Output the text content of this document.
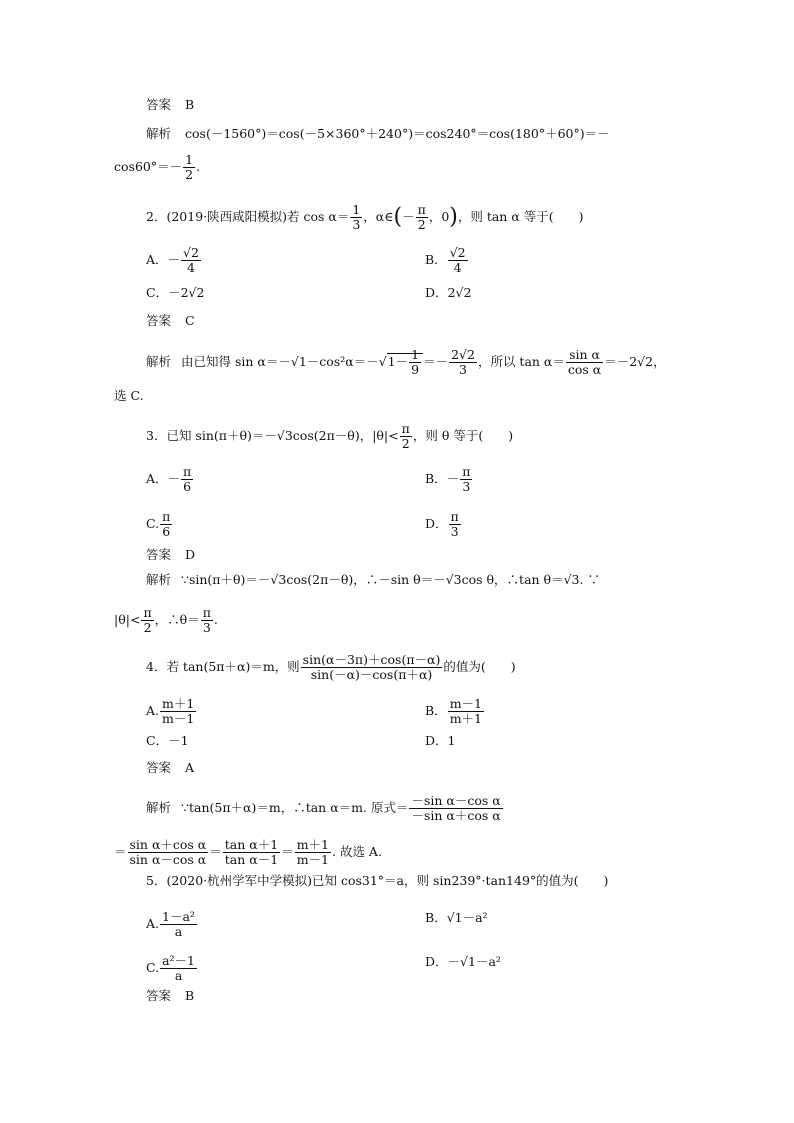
答案 B
解析 cos(－1560°)＝cos(－5×360°＋240°)＝cos240°＝cos(180°＋60°)＝－
$\cos 60^\circ=- \frac{1}{2}$ .
2．(2019·陕西咸阳模拟)若 $\cos \alpha= \frac{1}{3}$ ，α∈(－ $\frac{\pi}{2}$ ，0)，则 tan α 等于(　　)
A．－ $\frac{√2}{4}$	B． $\frac{√2}{4}$
C．－2√2	D．2√2
答案 C
解析 由已知得 $\sin \alpha=-√1-\cos^2\alpha=-√1- \frac{1}{9} =- \frac{2√2}{3}$ ，所以 $\tan \alpha= \frac{\text{sin α}}{\text{cos α}} =-2√2$，
选 C.
3．已知 sin(π＋θ)＝－√3cos(2π－θ)，$|\theta|< \frac{\pi}{2}$ ，则 θ 等于(　　)
A．－ $\frac{\pi}{6}$	B．－ $\frac{\pi}{3}$
C. $\frac{\pi}{6}$	D． $\frac{\pi}{3}$
答案 D
解析 ∵sin(π＋θ)＝－√3cos(2π－θ)，∴－sin θ＝－√3cos θ，∴tan θ＝√3. ∵
$|\theta|< \frac{\pi}{2}$ ，∴θ＝ $\frac{\pi}{3}$ .
4．若 tan(5π＋α)＝m，则 $\frac{\sin(\alpha-3\pi)+\cos(\pi-\alpha)}{\sin(-\alpha)-\cos(\pi+\alpha)}$ 的值为(　　)
A. $\frac{m+1}{m-1}$	B． $\frac{m-1}{m+1}$
C．－1	D．1
答案 A
解析 ∵tan(5π＋α)＝m，∴tan α＝m. 原式＝ $\frac{\text{－sin α－cos α}}{\text{－sin α＋cos α}}$
＝ $\frac{\text{sin α＋cos α}}{\text{sin α－cos α}} = \frac{\text{tan α＋1}}{\text{tan α－1}} = \frac{m+1}{m-1}$ . 故选 A.
5．(2020·杭州学军中学模拟)已知 cos31°＝a，则 sin239°·tan149°的值为(　　)
A. $\frac{\text{1－a²}}{a}$	B．√1－a²
C. $\frac{\text{a²－1}}{a}$	D．－√1－a²
答案 B
